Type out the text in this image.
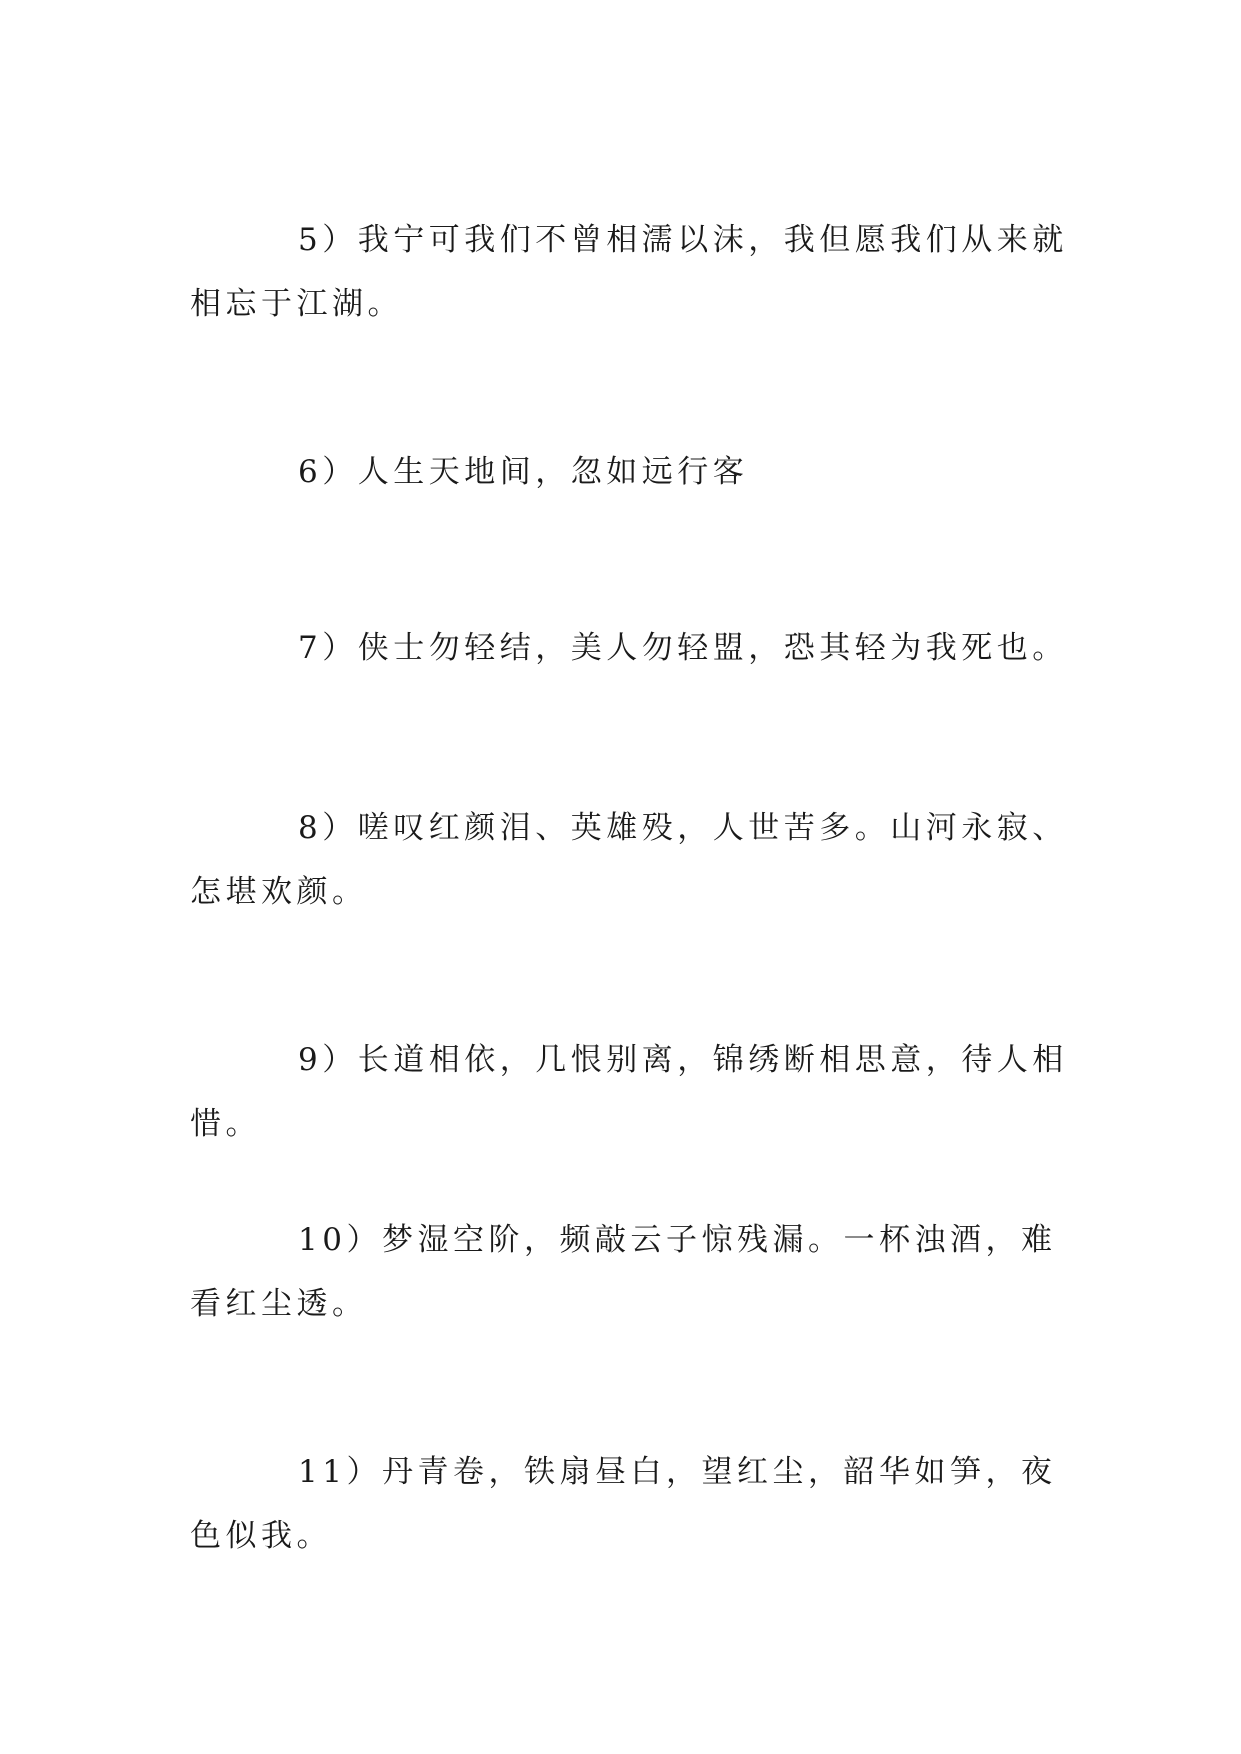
5）我宁可我们不曾相濡以沫，我但愿我们从来就相忘于江湖。

6）人生天地间，忽如远行客

7）侠士勿轻结，美人勿轻盟，恐其轻为我死也。

8）嗟叹红颜泪、英雄殁，人世苦多。山河永寂、怎堪欢颜。

9）长道相依，几恨别离，锦绣断相思意，待人相惜。

10）梦湿空阶，频敲云子惊残漏。一杯浊酒，难看红尘透。

11）丹青卷，铁扇昼白，望红尘，韶华如笋，夜色似我。
